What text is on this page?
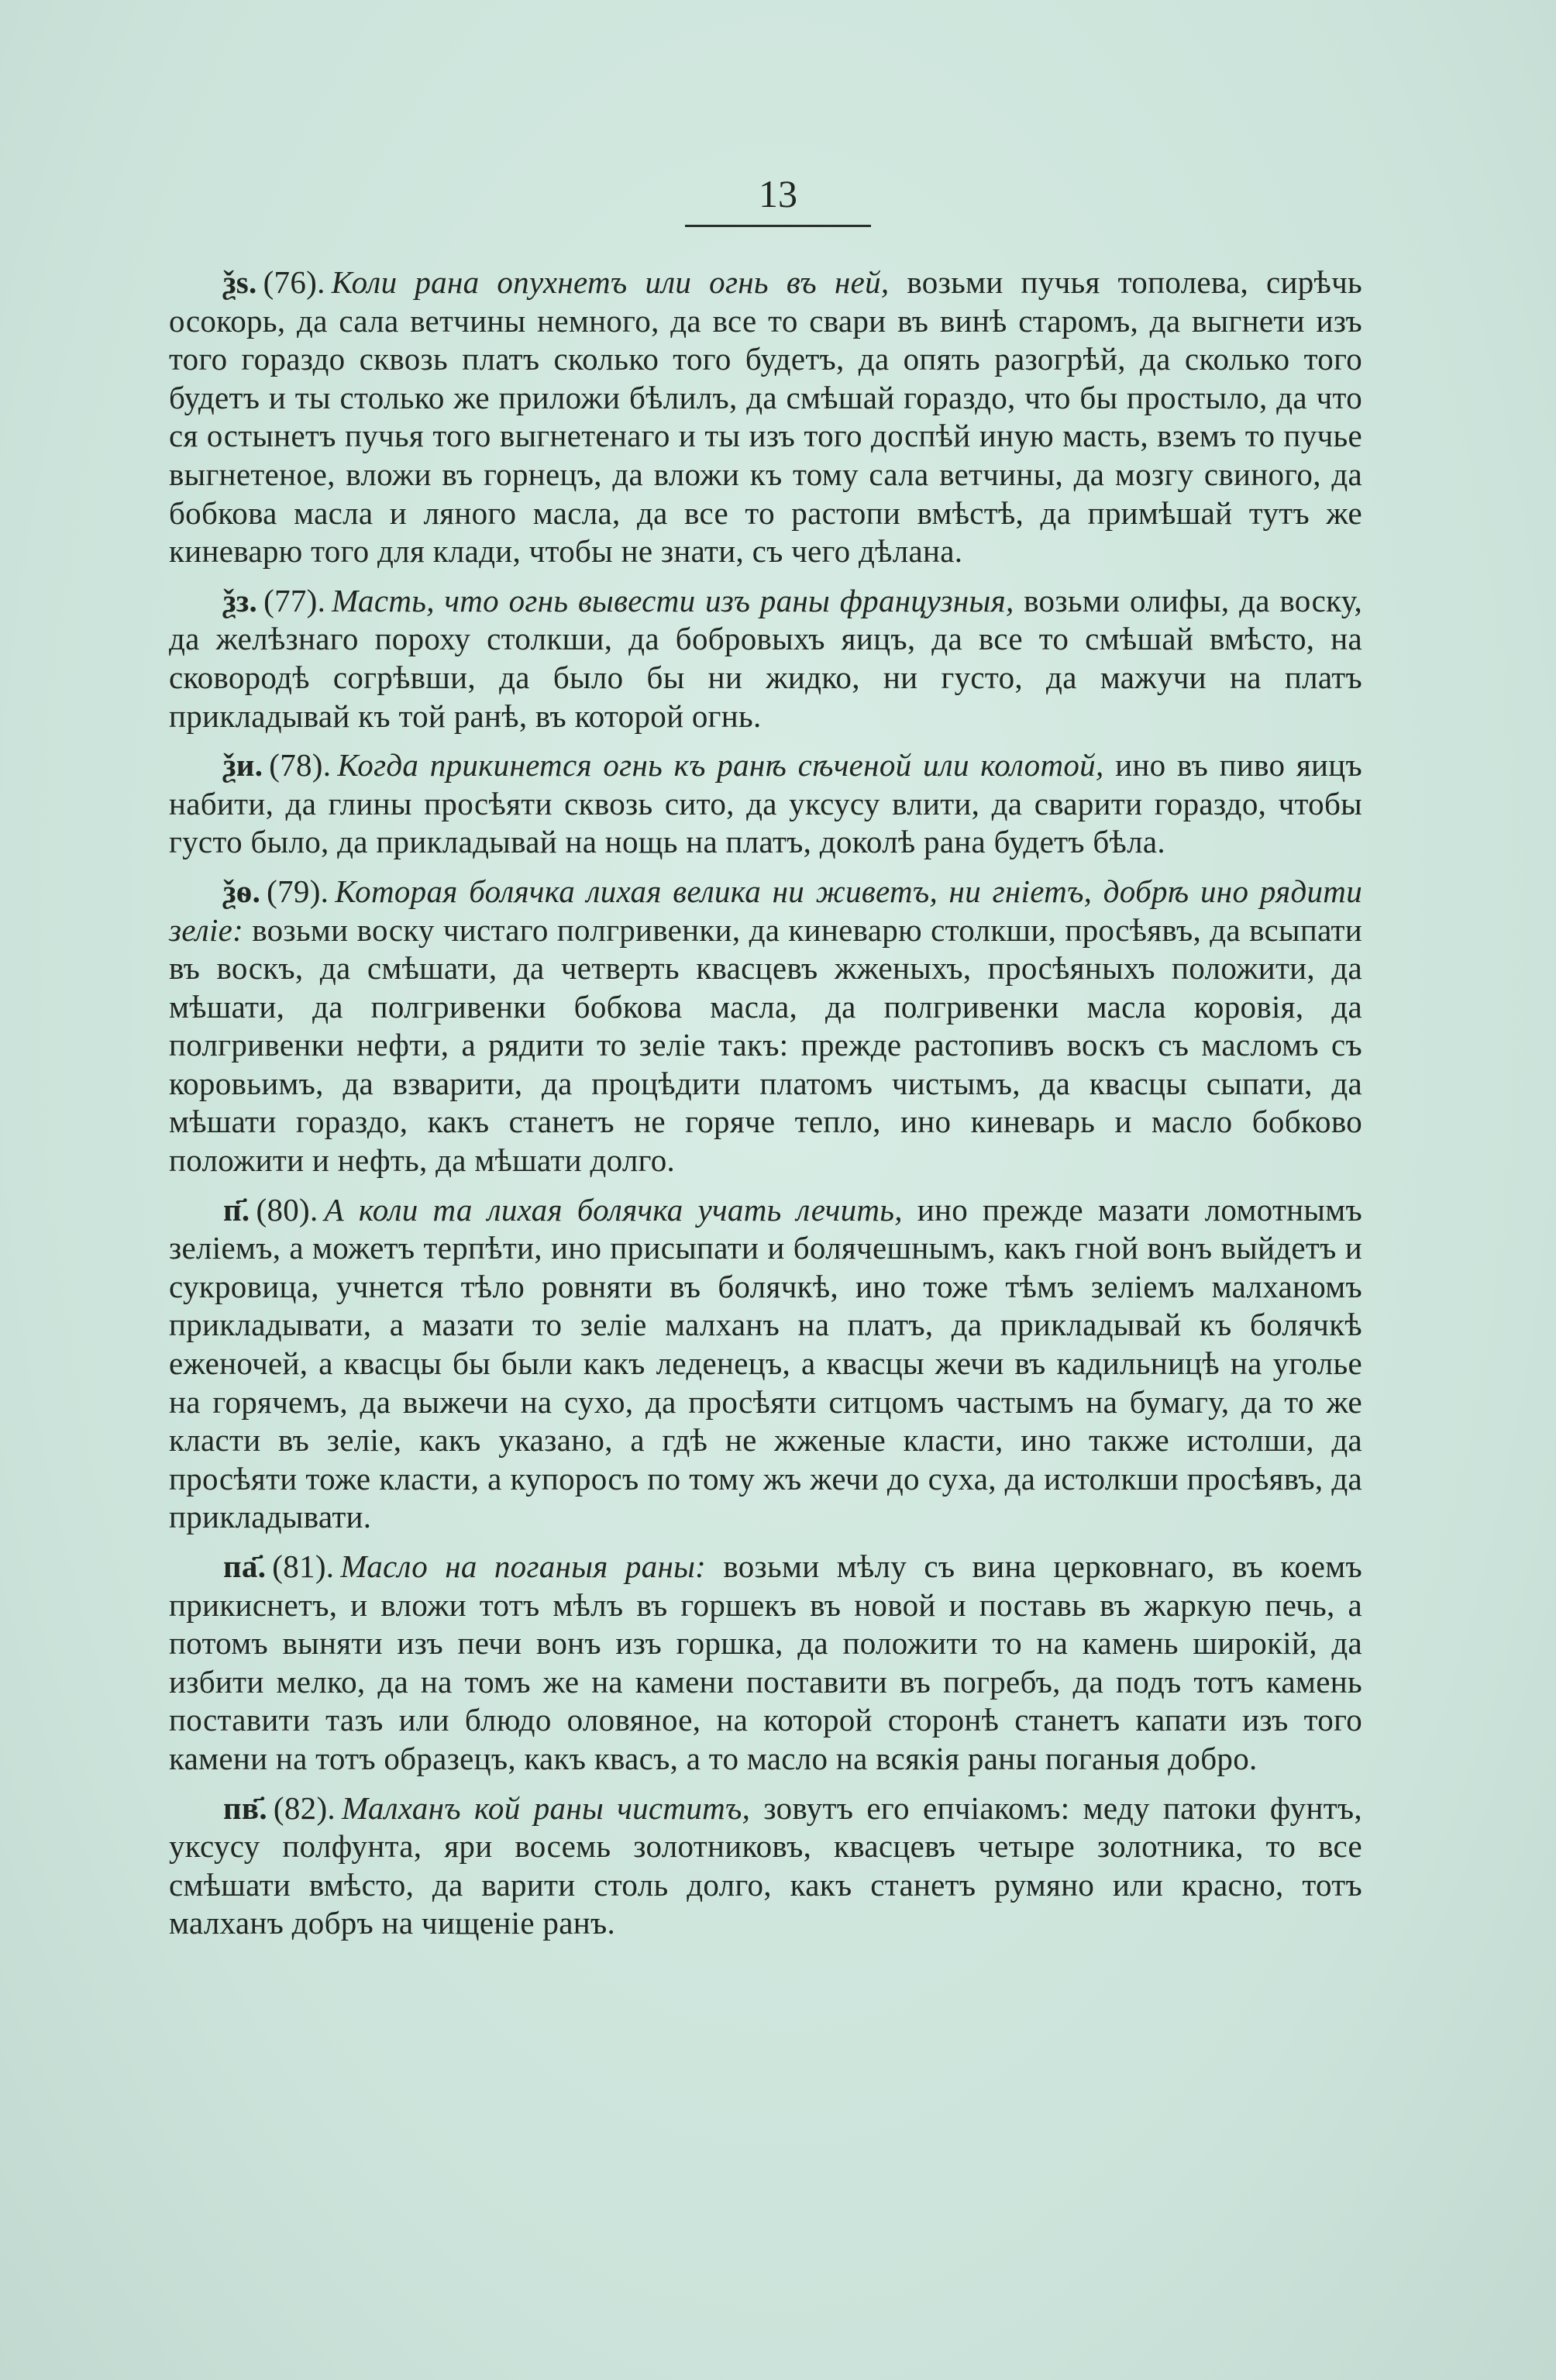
13

ѯѕ. (76). Коли рана опухнетъ или огнь въ ней, возьми пучья тополева, сирѣчь осокорь, да сала ветчины немного, да все то свари въ винѣ старомъ, да выгнети изъ того гораздо сквозь платъ сколько того будетъ, да опять разогрѣй, да сколько того будетъ и ты столько же приложи бѣлилъ, да смѣшай гораздо, что бы простыло, да что ся остынетъ пучья того выгнетенаго и ты изъ того доспѣй иную масть, вземъ то пучье выгнетеное, вложи въ горнецъ, да вложи къ тому сала ветчины, да мозгу свиного, да бобкова масла и ляного масла, да все то растопи вмѣстѣ, да примѣшай тутъ же киневарю того для клади, чтобы не знати, съ чего дѣлана.

ѯз. (77). Масть, что огнь вывести изъ раны французныя, возьми олифы, да воску, да желѣзнаго пороху столкши, да бобровыхъ яицъ, да все то смѣшай вмѣсто, на сковородѣ согрѣвши, да было бы ни жидко, ни густо, да мажучи на платъ прикладывай къ той ранѣ, въ которой огнь.

ѯи. (78). Когда прикинется огнь къ ранѣ сѣченой или колотой, ино въ пиво яицъ набити, да глины просѣяти сквозь сито, да уксусу влити, да сварити гораздо, чтобы густо было, да прикладывай на нощь на платъ, доколѣ рана будетъ бѣла.

ѯѳ. (79). Которая болячка лихая велика ни живетъ, ни гніетъ, добрѣ ино рядити зеліе: возьми воску чистаго полгривенки, да киневарю столкши, просѣявъ, да всыпати въ воскъ, да смѣшати, да четверть квасцевъ жженыхъ, просѣяныхъ положити, да мѣшати, да полгривенки бобкова масла, да полгривенки масла коровія, да полгривенки нефти, а рядити то зеліе такъ: прежде растопивъ воскъ съ масломъ съ коровьимъ, да взварити, да процѣдити платомъ чистымъ, да квасцы сыпати, да мѣшати гораздо, какъ станетъ не горяче тепло, ино киневарь и масло бобково положити и нефть, да мѣшати долго.

п҃. (80). А коли та лихая болячка учать лечить, ино прежде мазати ломотнымъ зеліемъ, а можетъ терпѣти, ино присыпати и болячешнымъ, какъ гной вонъ выйдетъ и сукровица, учнется тѣло ровняти въ болячкѣ, ино тоже тѣмъ зеліемъ малханомъ прикладывати, а мазати то зеліе малханъ на платъ, да прикладывай къ болячкѣ еженочей, а квасцы бы были какъ леденецъ, а квасцы жечи въ кадильницѣ на угольe на горячемъ, да выжечи на сухо, да просѣяти ситцомъ частымъ на бумагу, да то же класти въ зеліе, какъ указано, а гдѣ не жженые класти, ино также истолши, да просѣяти тоже класти, а купоросъ по тому жъ жечи до суха, да истолкши просѣявъ, да прикладывати.

па҃. (81). Масло на поганыя раны: возьми мѣлу съ вина церковнаго, въ коемъ прикиснетъ, и вложи тотъ мѣлъ въ горшекъ въ новой и поставь въ жаркую печь, а потомъ выняти изъ печи вонъ изъ горшка, да положити то на камень широкій, да избити мелко, да на томъ же на камени поставити въ погребъ, да подъ тотъ камень поставити тазъ или блюдо оловяное, на которой сторонѣ станетъ капати изъ того камени на тотъ образецъ, какъ квасъ, а то масло на всякія раны поганыя добро.

пв҃. (82). Малханъ кой раны чиститъ, зовутъ его епчіакомъ: меду патоки фунтъ, уксусу полфунта, яри восемь золотниковъ, квасцевъ четыре золотника, то все смѣшати вмѣсто, да варити столь долго, какъ станетъ румяно или красно, тотъ малханъ добръ на чищеніе ранъ.
